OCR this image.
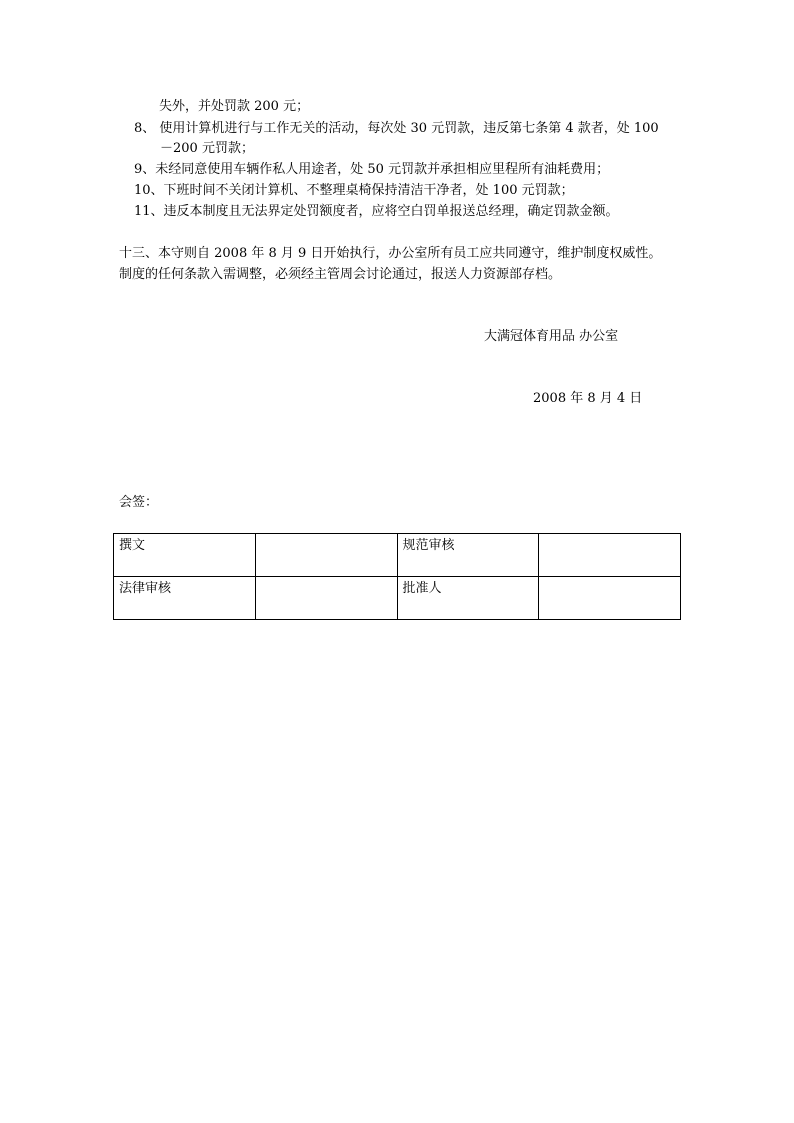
失外，并处罚款 200 元；

8、 使用计算机进行与工作无关的活动，每次处 30 元罚款，违反第七条第 4 款者，处 100

－200 元罚款；

9、未经同意使用车辆作私人用途者，处 50 元罚款并承担相应里程所有油耗费用；

10、下班时间不关闭计算机、不整理桌椅保持清洁干净者，处 100 元罚款；

11、违反本制度且无法界定处罚额度者，应将空白罚单报送总经理，确定罚款金额。

十三、本守则自 2008 年 8 月 9 日开始执行，办公室所有员工应共同遵守，维护制度权威性。

制度的任何条款入需调整，必须经主管周会讨论通过，报送人力资源部存档。

大满冠体育用品 办公室

2008 年 8 月 4 日

会签：

撰文		规范审核	
法律审核		批准人	
